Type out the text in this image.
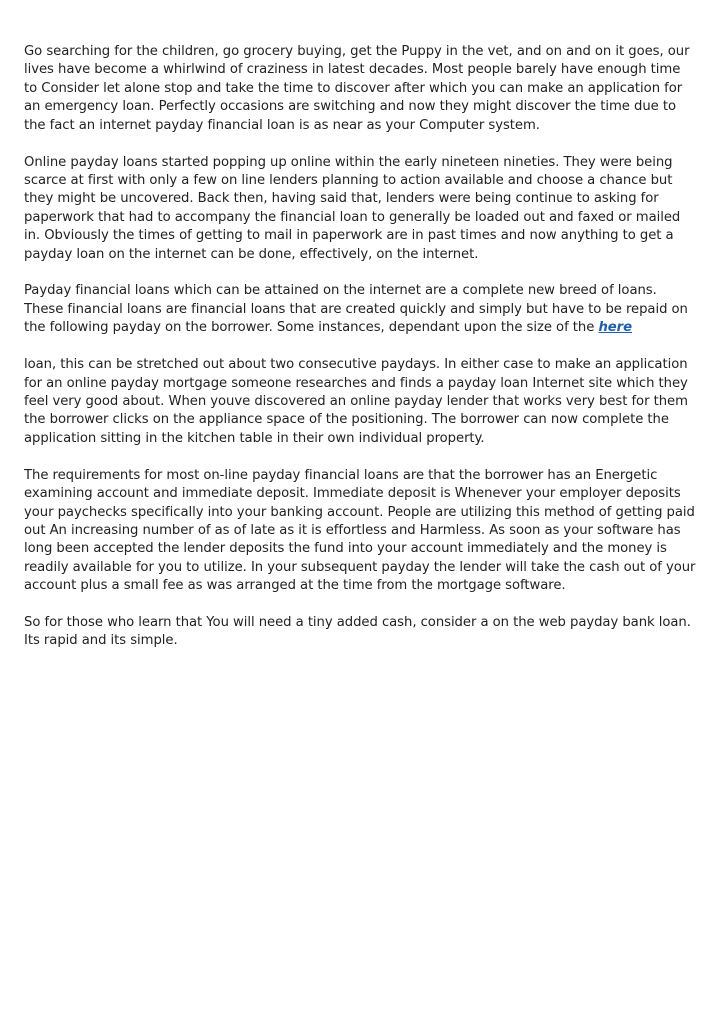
Go searching for the children, go grocery buying, get the Puppy in the vet, and on and on it goes, our lives have become a whirlwind of craziness in latest decades. Most people barely have enough time to Consider let alone stop and take the time to discover after which you can make an application for an emergency loan. Perfectly occasions are switching and now they might discover the time due to the fact an internet payday financial loan is as near as your Computer system.

Online payday loans started popping up online within the early nineteen nineties. They were being scarce at first with only a few on line lenders planning to action available and choose a chance but they might be uncovered. Back then, having said that, lenders were being continue to asking for paperwork that had to accompany the financial loan to generally be loaded out and faxed or mailed in. Obviously the times of getting to mail in paperwork are in past times and now anything to get a payday loan on the internet can be done, effectively, on the internet.

Payday financial loans which can be attained on the internet are a complete new breed of loans. These financial loans are financial loans that are created quickly and simply but have to be repaid on the following payday on the borrower. Some instances, dependant upon the size of the here

loan, this can be stretched out about two consecutive paydays. In either case to make an application for an online payday mortgage someone researches and finds a payday loan Internet site which they feel very good about. When youve discovered an online payday lender that works very best for them the borrower clicks on the appliance space of the positioning. The borrower can now complete the application sitting in the kitchen table in their own individual property.

The requirements for most on-line payday financial loans are that the borrower has an Energetic examining account and immediate deposit. Immediate deposit is Whenever your employer deposits your paychecks specifically into your banking account. People are utilizing this method of getting paid out An increasing number of as of late as it is effortless and Harmless. As soon as your software has long been accepted the lender deposits the fund into your account immediately and the money is readily available for you to utilize. In your subsequent payday the lender will take the cash out of your account plus a small fee as was arranged at the time from the mortgage software.

So for those who learn that You will need a tiny added cash, consider a on the web payday bank loan. Its rapid and its simple.
